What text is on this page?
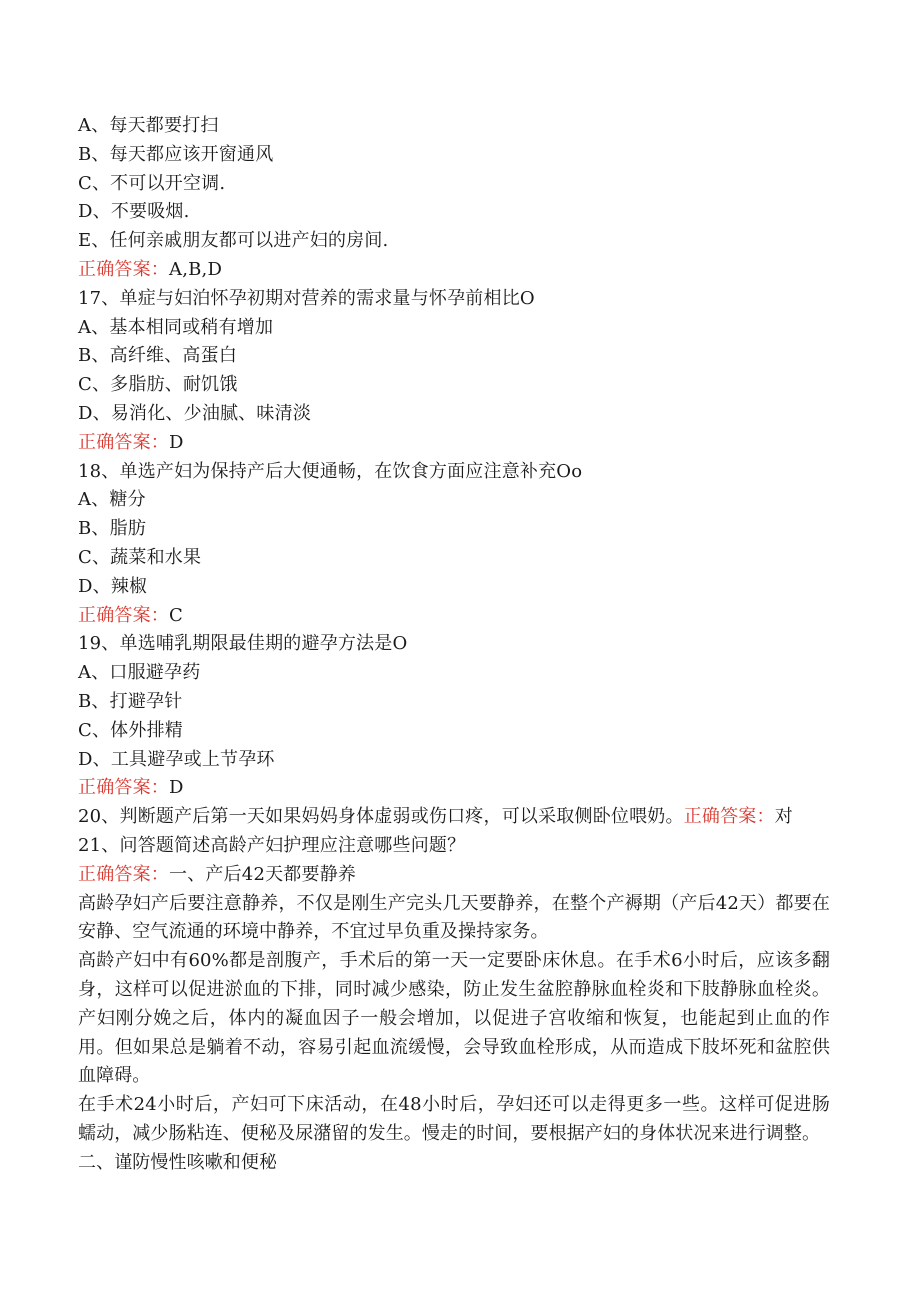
A、每天都要打扫
B、每天都应该开窗通风
C、不可以开空调.
D、不要吸烟.
E、任何亲戚朋友都可以进产妇的房间.
正确答案：A,B,D
17、单症与妇泊怀孕初期对营养的需求量与怀孕前相比O
A、基本相同或稍有增加
B、高纤维、高蛋白
C、多脂肪、耐饥饿
D、易消化、少油腻、味清淡
正确答案：D
18、单选产妇为保持产后大便通畅，在饮食方面应注意补充Oo
A、糖分
B、脂肪
C、蔬菜和水果
D、辣椒
正确答案：C
19、单选哺乳期限最佳期的避孕方法是O
A、口服避孕药
B、打避孕针
C、体外排精
D、工具避孕或上节孕环
正确答案：D
20、判断题产后第一天如果妈妈身体虚弱或伤口疼，可以采取侧卧位喂奶。正确答案：对
21、问答题简述高龄产妇护理应注意哪些问题？
正确答案：一、产后42天都要静养
高龄孕妇产后要注意静养，不仅是刚生产完头几天要静养，在整个产褥期（产后42天）都要在安静、空气流通的环境中静养，不宜过早负重及操持家务。
高龄产妇中有60%都是剖腹产，手术后的第一天一定要卧床休息。在手术6小时后，应该多翻身，这样可以促进淤血的下排，同时减少感染，防止发生盆腔静脉血栓炎和下肢静脉血栓炎。产妇刚分娩之后，体内的凝血因子一般会增加，以促进子宫收缩和恢复，也能起到止血的作用。但如果总是躺着不动，容易引起血流缓慢，会导致血栓形成，从而造成下肢坏死和盆腔供血障碍。
在手术24小时后，产妇可下床活动，在48小时后，孕妇还可以走得更多一些。这样可促进肠蠕动，减少肠粘连、便秘及尿潴留的发生。慢走的时间，要根据产妇的身体状况来进行调整。
二、谨防慢性咳嗽和便秘
